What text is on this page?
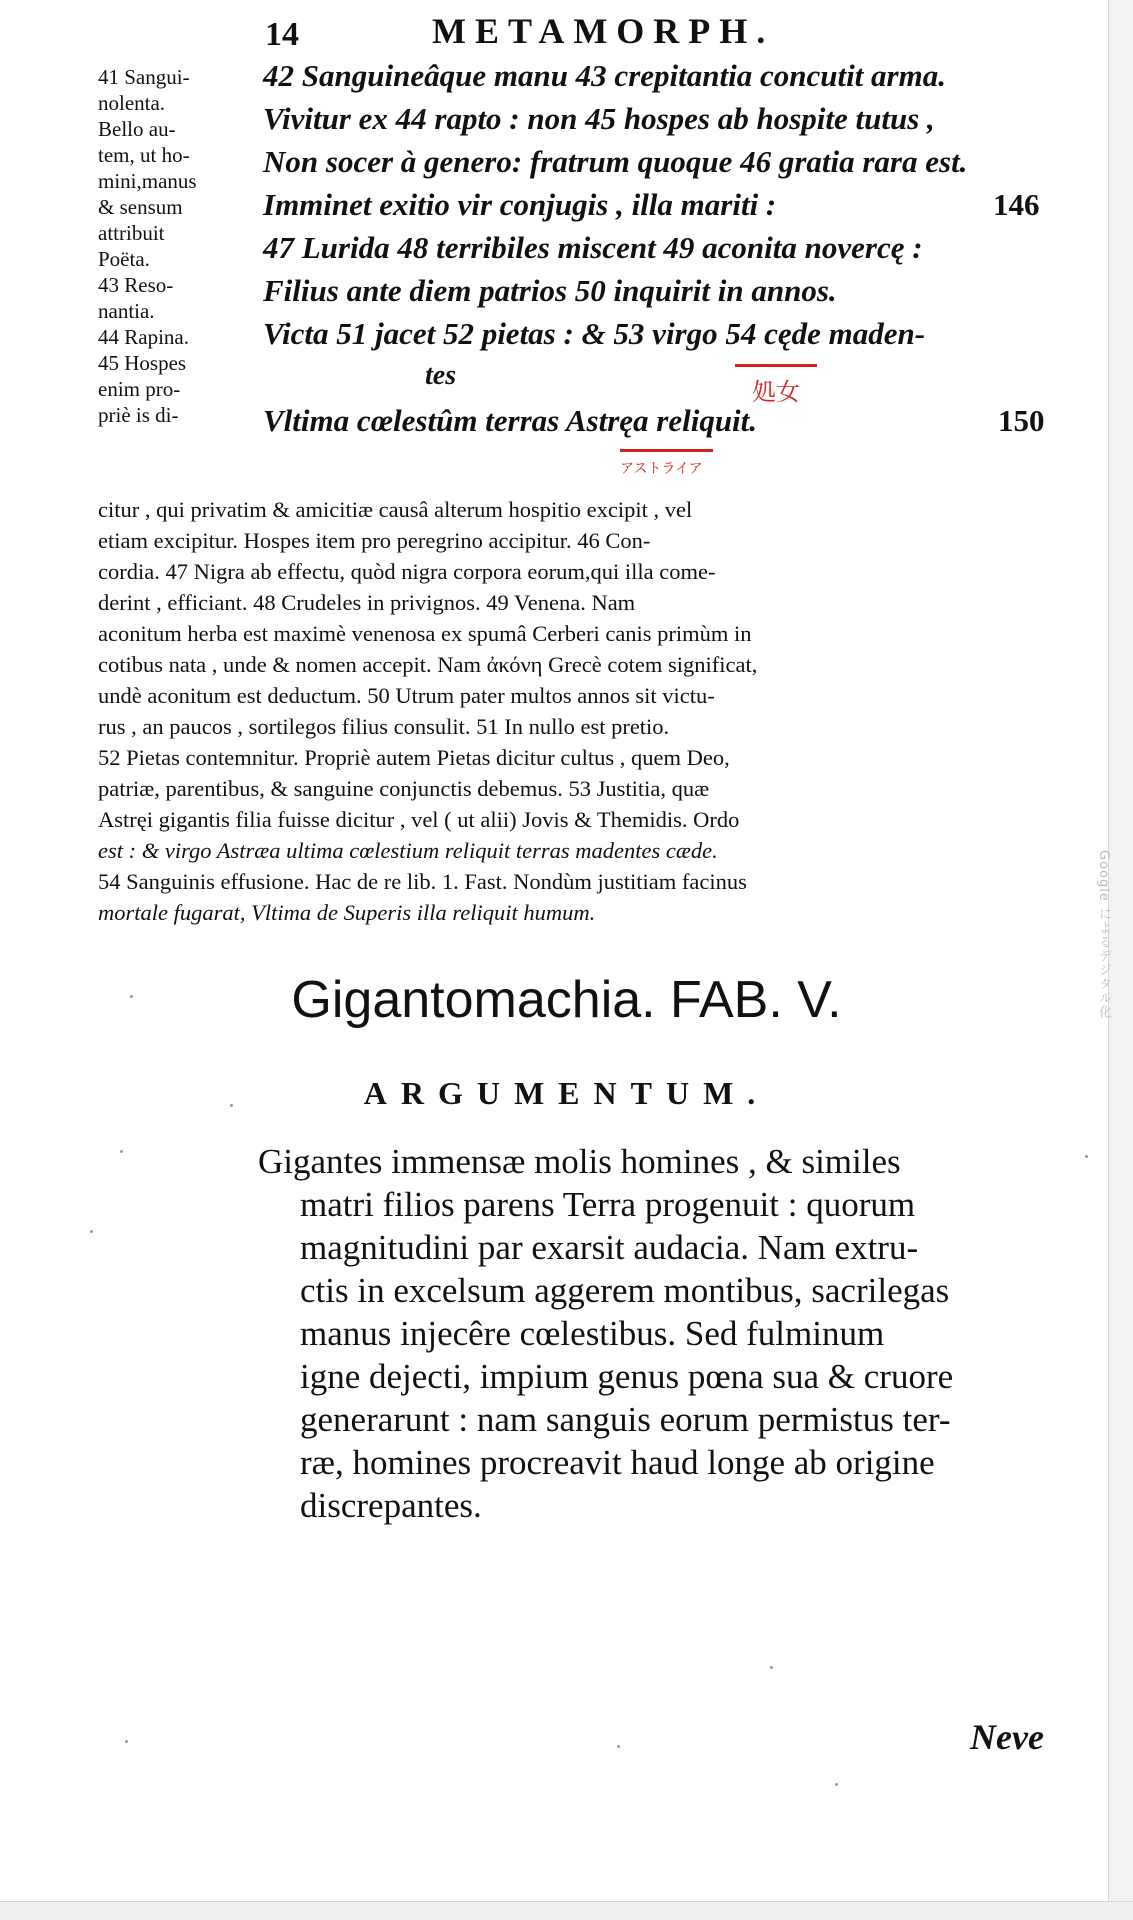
Google によるデジタル化
14	METAMORPH.
41 Sangui-
nolenta.
Bello au-
tem, ut ho-
mini,manus
& sensum
attribuit
Poëta.
43 Reso-
nantia.
44 Rapina.
45 Hospes
enim pro-
priè is di-
42 Sanguineâque manu 43 crepitantia concutit arma.
Vivitur ex 44 rapto : non 45 hospes ab hospite tutus ,
Non socer à genero: fratrum quoque 46 gratia rara est.
Imminet exitio vir conjugis , illa mariti :	146
47 Lurida 48 terribiles miscent 49 aconita novercę :
Filius ante diem patrios 50 inquirit in annos.
Victa 51 jacet 52 pietas : & 53 virgo 54 cęde maden-
tes
Vltima cœlestûm terras Astręa reliquit.	150
処女
アストライア
citur , qui privatim & amicitiæ causâ alterum hospitio excipit , vel
etiam excipitur. Hospes item pro peregrino accipitur. 46 Con-
cordia. 47 Nigra ab effectu, quòd nigra corpora eorum,qui illa come-
derint , efficiant. 48 Crudeles in privignos. 49 Venena. Nam
aconitum herba est maximè venenosa ex spumâ Cerberi canis primùm in
cotibus nata , unde & nomen accepit. Nam ἀκόνη Grecè cotem significat,
undè aconitum est deductum. 50 Utrum pater multos annos sit victu-
rus , an paucos , sortilegos filius consulit. 51 In nullo est pretio.
52 Pietas contemnitur. Propriè autem Pietas dicitur cultus , quem Deo,
patriæ, parentibus, & sanguine conjunctis debemus. 53 Justitia, quæ
Astręi gigantis filia fuisse dicitur , vel ( ut alii) Jovis & Themidis. Ordo
est : & virgo Astræa ultima cœlestium reliquit terras madentes cæde.
54 Sanguinis effusione. Hac de re lib. 1. Fast. Nondùm justitiam facinus
mortale fugarat, Vltima de Superis illa reliquit humum.
Gigantomachia. FAB. V.
ARGUMENTUM.
Gigantes immensæ molis homines , & similes
matri filios parens Terra progenuit : quorum
magnitudini par exarsit audacia. Nam extru-
ctis in excelsum aggerem montibus, sacrilegas
manus injecêre cœlestibus. Sed fulminum
igne dejecti, impium genus pœna sua & cruore
generarunt : nam sanguis eorum permistus ter-
ræ, homines procreavit haud longe ab origine
discrepantes.
Neve
